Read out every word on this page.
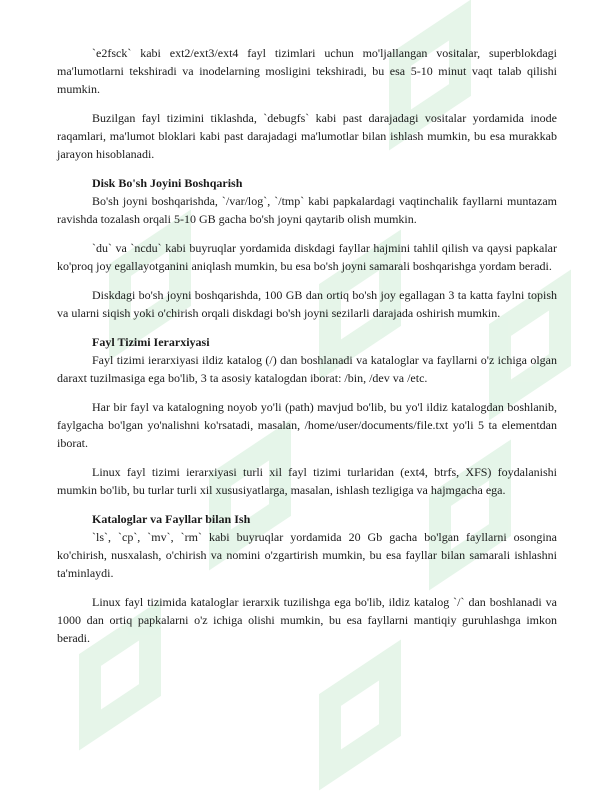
`e2fsck` kabi ext2/ext3/ext4 fayl tizimlari uchun mo'ljallangan vositalar, superblokdagi ma'lumotlarni tekshiradi va inodelarning mosligini tekshiradi, bu esa 5-10 minut vaqt talab qilishi mumkin.

Buzilgan fayl tizimini tiklashda, `debugfs` kabi past darajadagi vositalar yordamida inode raqamlari, ma'lumot bloklari kabi past darajadagi ma'lumotlar bilan ishlash mumkin, bu esa murakkab jarayon hisoblanadi.

Disk Bo'sh Joyini Boshqarish

Bo'sh joyni boshqarishda, `/var/log`, `/tmp` kabi papkalardagi vaqtinchalik fayllarni muntazam ravishda tozalash orqali 5-10 GB gacha bo'sh joyni qaytarib olish mumkin.

`du` va `ncdu` kabi buyruqlar yordamida diskdagi fayllar hajmini tahlil qilish va qaysi papkalar ko'proq joy egallayotganini aniqlash mumkin, bu esa bo'sh joyni samarali boshqarishga yordam beradi.

Diskdagi bo'sh joyni boshqarishda, 100 GB dan ortiq bo'sh joy egallagan 3 ta katta faylni topish va ularni siqish yoki o'chirish orqali diskdagi bo'sh joyni sezilarli darajada oshirish mumkin.

Fayl Tizimi Ierarxiyasi

Fayl tizimi ierarxiyasi ildiz katalog (/) dan boshlanadi va kataloglar va fayllarni o'z ichiga olgan daraxt tuzilmasiga ega bo'lib, 3 ta asosiy katalogdan iborat: /bin, /dev va /etc.

Har bir fayl va katalogning noyob yo'li (path) mavjud bo'lib, bu yo'l ildiz katalogdan boshlanib, faylgacha bo'lgan yo'nalishni ko'rsatadi, masalan, /home/user/documents/file.txt yo'li 5 ta elementdan iborat.

Linux fayl tizimi ierarxiyasi turli xil fayl tizimi turlaridan (ext4, btrfs, XFS) foydalanishi mumkin bo'lib, bu turlar turli xil xususiyatlarga, masalan, ishlash tezligiga va hajmgacha ega.

Kataloglar va Fayllar bilan Ish

`ls`, `cp`, `mv`, `rm` kabi buyruqlar yordamida 20 Gb gacha bo'lgan fayllarni osongina ko'chirish, nusxalash, o'chirish va nomini o'zgartirish mumkin, bu esa fayllar bilan samarali ishlashni ta'minlaydi.

Linux fayl tizimida kataloglar ierarxik tuzilishga ega bo'lib, ildiz katalog `/` dan boshlanadi va 1000 dan ortiq papkalarni o'z ichiga olishi mumkin, bu esa fayllarni mantiqiy guruhlashga imkon beradi.
